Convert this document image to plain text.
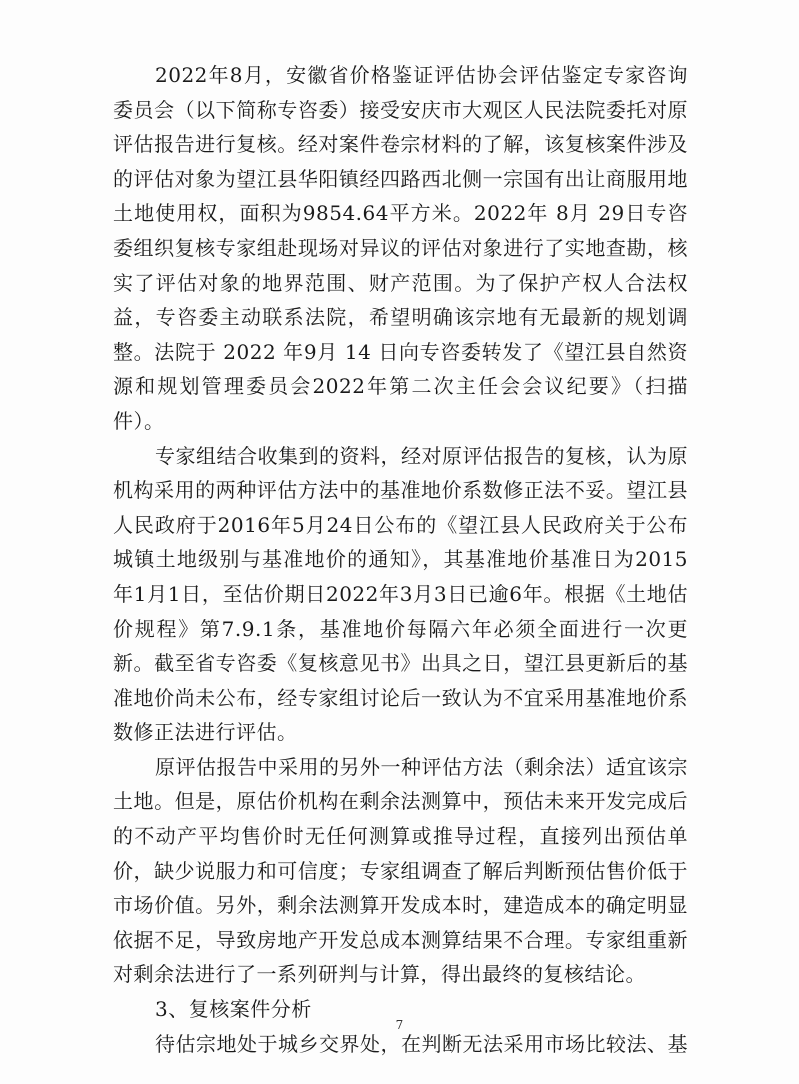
2022年8月，安徽省价格鉴证评估协会评估鉴定专家咨询委员会（以下简称专咨委）接受安庆市大观区人民法院委托对原评估报告进行复核。经对案件卷宗材料的了解，该复核案件涉及的评估对象为望江县华阳镇经四路西北侧一宗国有出让商服用地土地使用权，面积为9854.64平方米。2022年 8月 29日专咨委组织复核专家组赴现场对异议的评估对象进行了实地查勘，核实了评估对象的地界范围、财产范围。为了保护产权人合法权益，专咨委主动联系法院，希望明确该宗地有无最新的规划调整。法院于 2022 年9月 14 日向专咨委转发了《望江县自然资源和规划管理委员会2022年第二次主任会会议纪要》（扫描件）。

专家组结合收集到的资料，经对原评估报告的复核，认为原机构采用的两种评估方法中的基准地价系数修正法不妥。望江县人民政府于2016年5月24日公布的《望江县人民政府关于公布城镇土地级别与基准地价的通知》，其基准地价基准日为2015年1月1日，至估价期日2022年3月3日已逾6年。根据《土地估价规程》第7.9.1条，基准地价每隔六年必须全面进行一次更新。截至省专咨委《复核意见书》出具之日，望江县更新后的基准地价尚未公布，经专家组讨论后一致认为不宜采用基准地价系数修正法进行评估。

原评估报告中采用的另外一种评估方法（剩余法）适宜该宗土地。但是，原估价机构在剩余法测算中，预估未来开发完成后的不动产平均售价时无任何测算或推导过程，直接列出预估单价，缺少说服力和可信度；专家组调查了解后判断预估售价低于市场价值。另外，剩余法测算开发成本时，建造成本的确定明显依据不足，导致房地产开发总成本测算结果不合理。专家组重新对剩余法进行了一系列研判与计算，得出最终的复核结论。

3、复核案件分析

待估宗地处于城乡交界处，在判断无法采用市场比较法、基

7
